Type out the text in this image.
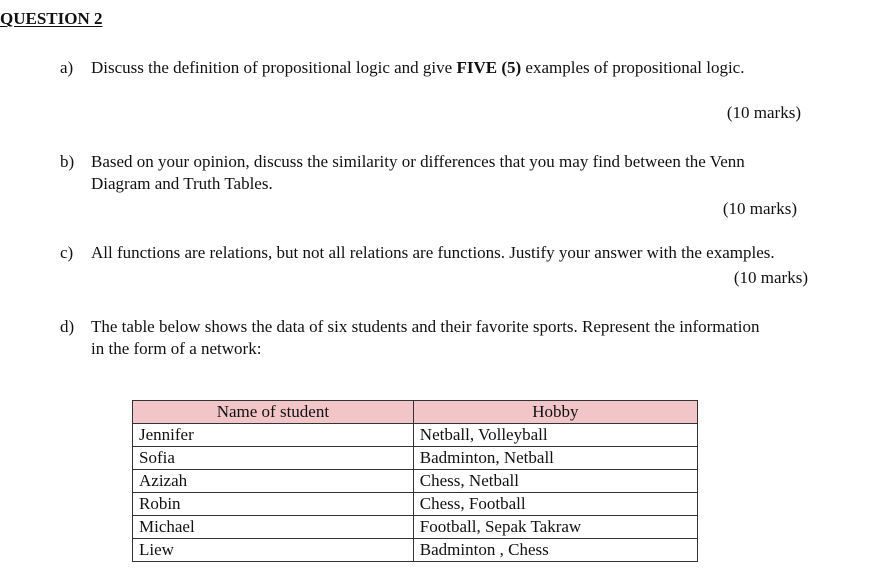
QUESTION 2
a) Discuss the definition of propositional logic and give FIVE (5) examples of propositional logic.
(10 marks)
b) Based on your opinion, discuss the similarity or differences that you may find between the Venn
Diagram and Truth Tables.
(10 marks)
c) All functions are relations, but not all relations are functions. Justify your answer with the examples.
(10 marks)
d) The table below shows the data of six students and their favorite sports. Represent the information
in the form of a network:
Name of student	Hobby
Jennifer	Netball, Volleyball
Sofia	Badminton, Netball
Azizah	Chess, Netball
Robin	Chess, Football
Michael	Football, Sepak Takraw
Liew	Badminton , Chess
